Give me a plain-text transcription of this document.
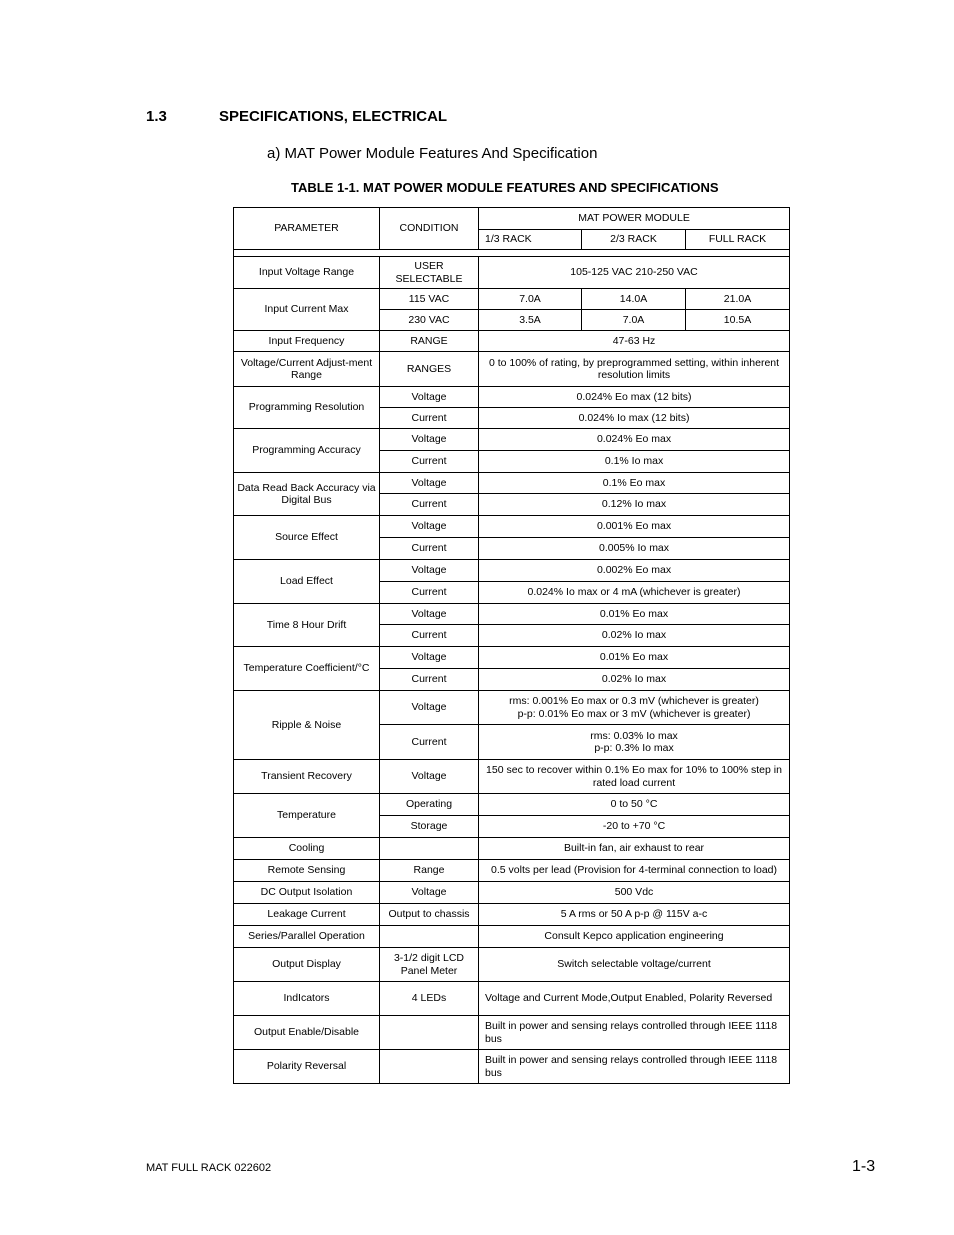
1.3	SPECIFICATIONS, ELECTRICAL
a) MAT Power Module Features And Specification
TABLE 1-1. MAT POWER MODULE FEATURES AND SPECIFICATIONS
PARAMETER	CONDITION	MAT POWER MODULE		
		1/3 RACK	2/3 RACK	FULL RACK

Input Voltage Range	USER SELECTABLE	105-125 VAC 210-250 VAC		
Input Current Max	115 VAC	7.0A	14.0A	21.0A
	230 VAC	3.5A	7.0A	10.5A
Input Frequency	RANGE	47-63 Hz		
Voltage/Current Adjust-ment Range	RANGES	0 to 100% of rating, by preprogrammed setting, within inherent resolution limits		
Programming Resolution	Voltage	0.024% Eo max (12 bits)		
	Current	0.024% Io max (12 bits)		
Programming Accuracy	Voltage	0.024% Eo max		
	Current	0.1% Io max		
Data Read Back Accuracy via Digital Bus	Voltage	0.1% Eo max		
	Current	0.12% Io max		
Source Effect	Voltage	0.001% Eo max		
	Current	0.005% Io max		
Load Effect	Voltage	0.002% Eo max		
	Current	0.024% Io max or 4 mA (whichever is greater)		
Time 8 Hour Drift	Voltage	0.01% Eo max		
	Current	0.02% Io max		
Temperature Coefficient/°C	Voltage	0.01% Eo max		
	Current	0.02% Io max		
Ripple & Noise	Voltage	rms: 0.001% Eo max or 0.3 mV (whichever is greater)
p-p: 0.01% Eo max or 3 mV (whichever is greater)		

	Current	rms: 0.03% Io max
p-p: 0.3% Io max		

Transient Recovery	Voltage	150 sec to recover within 0.1% Eo max for 10% to 100% step in rated load current		
Temperature	Operating	0 to 50 °C		
	Storage	-20 to +70 °C		
Cooling		Built-in fan, air exhaust to rear		
Remote Sensing	Range	0.5 volts per lead (Provision for 4-terminal connection to load)		
DC Output Isolation	Voltage	500 Vdc		
Leakage Current	Output to chassis	5 A rms or 50 A p-p @ 115V a-c		
Series/Parallel Operation		Consult Kepco application engineering		
Output Display	3-1/2 digit LCD Panel Meter	Switch selectable voltage/current		
IndIcators	4 LEDs	Voltage and Current Mode,Output Enabled, Polarity Reversed		
Output Enable/Disable		Built in power and sensing relays controlled through IEEE 1118 bus		
Polarity Reversal		Built in power and sensing relays controlled through IEEE 1118 bus		
MAT FULL RACK 022602	1-3
